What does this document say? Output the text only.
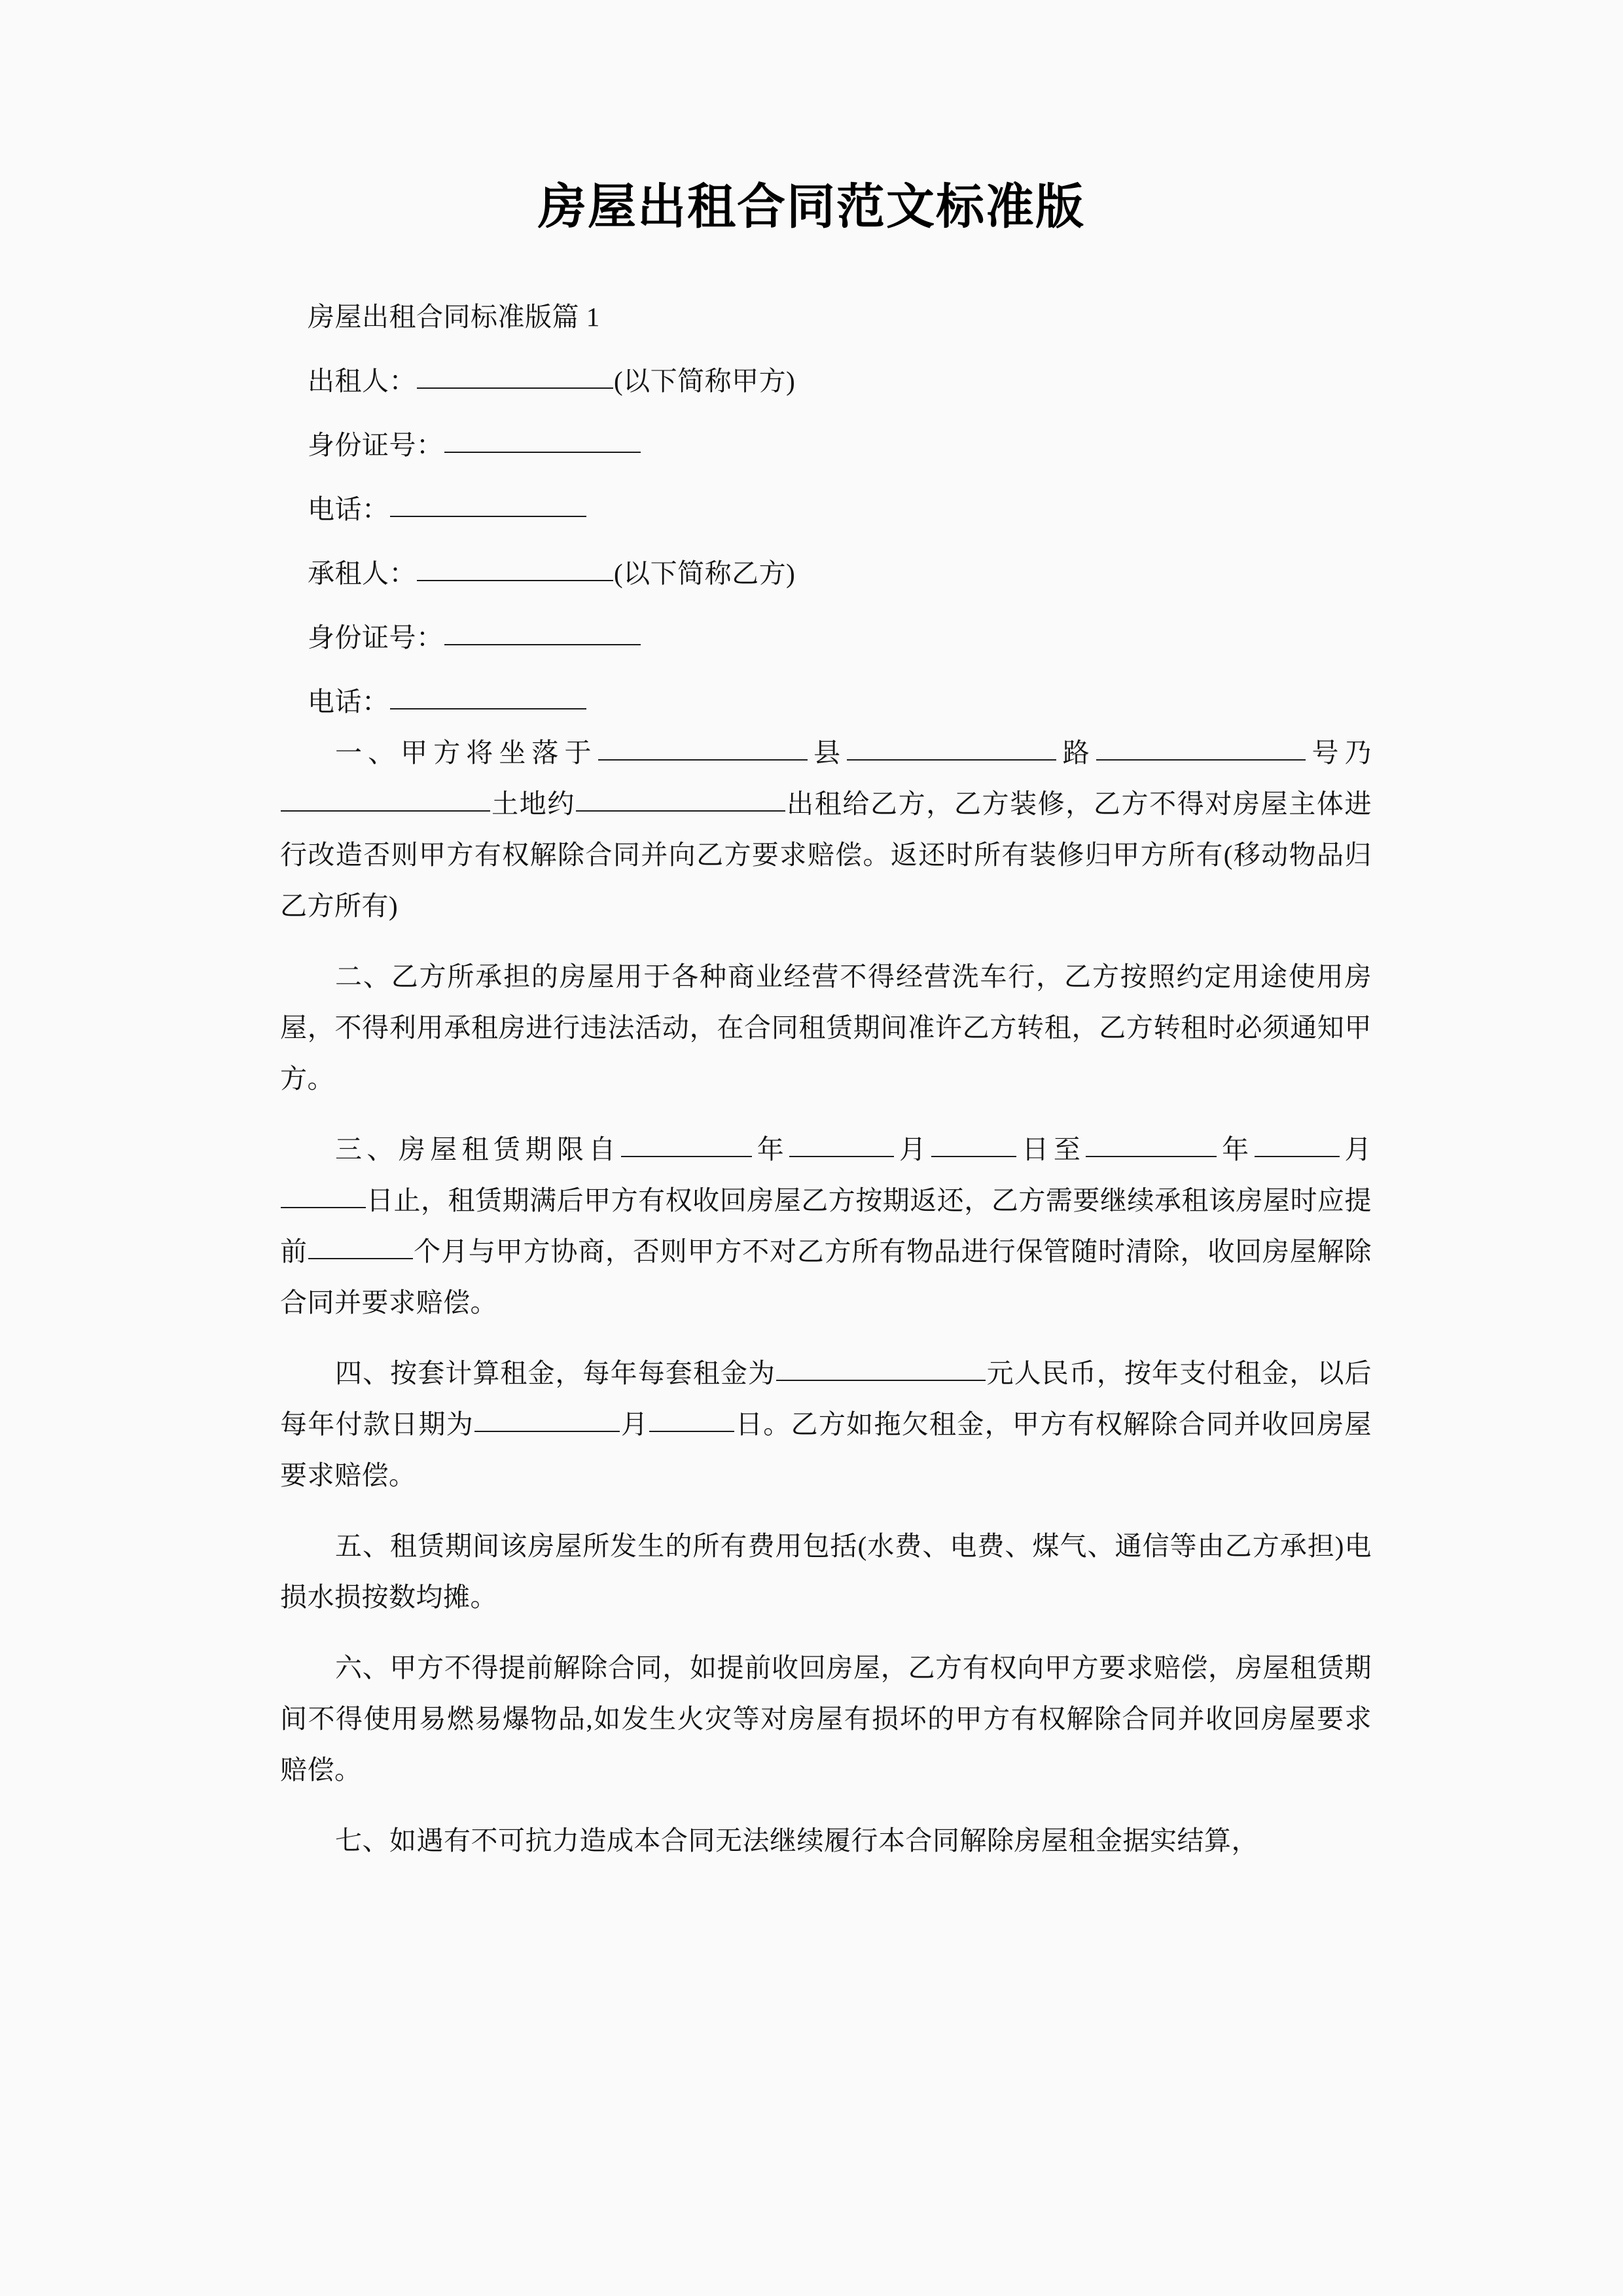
房屋出租合同范文标准版

房屋出租合同标准版篇 1

出租人：	(以下简称甲方)

身份证号：

电话：

承租人：	(以下简称乙方)

身份证号：

电话：

一、甲方将坐落于	县	路	号乃土地约	出租给乙方，乙方装修，乙方不得对房屋主体进行改造否则甲方有权解除合同并向乙方要求赔偿。返还时所有装修归甲方所有(移动物品归乙方所有)

二、乙方所承担的房屋用于各种商业经营不得经营洗车行，乙方按照约定用途使用房屋，不得利用承租房进行违法活动，在合同租赁期间准许乙方转租，乙方转租时必须通知甲方。

三、房屋租赁期限自	年	月	日至	年	月日止，租赁期满后甲方有权收回房屋乙方按期返还，乙方需要继续承租该房屋时应提前	个月与甲方协商，否则甲方不对乙方所有物品进行保管随时清除，收回房屋解除合同并要求赔偿。

四、按套计算租金，每年每套租金为	元人民币，按年支付租金，以后每年付款日期为	月	日。乙方如拖欠租金，甲方有权解除合同并收回房屋要求赔偿。

五、租赁期间该房屋所发生的所有费用包括(水费、电费、煤气、通信等由乙方承担)电损水损按数均摊。

六、甲方不得提前解除合同，如提前收回房屋，乙方有权向甲方要求赔偿，房屋租赁期间不得使用易燃易爆物品,如发生火灾等对房屋有损坏的甲方有权解除合同并收回房屋要求赔偿。

七、如遇有不可抗力造成本合同无法继续履行本合同解除房屋租金据实结算，
